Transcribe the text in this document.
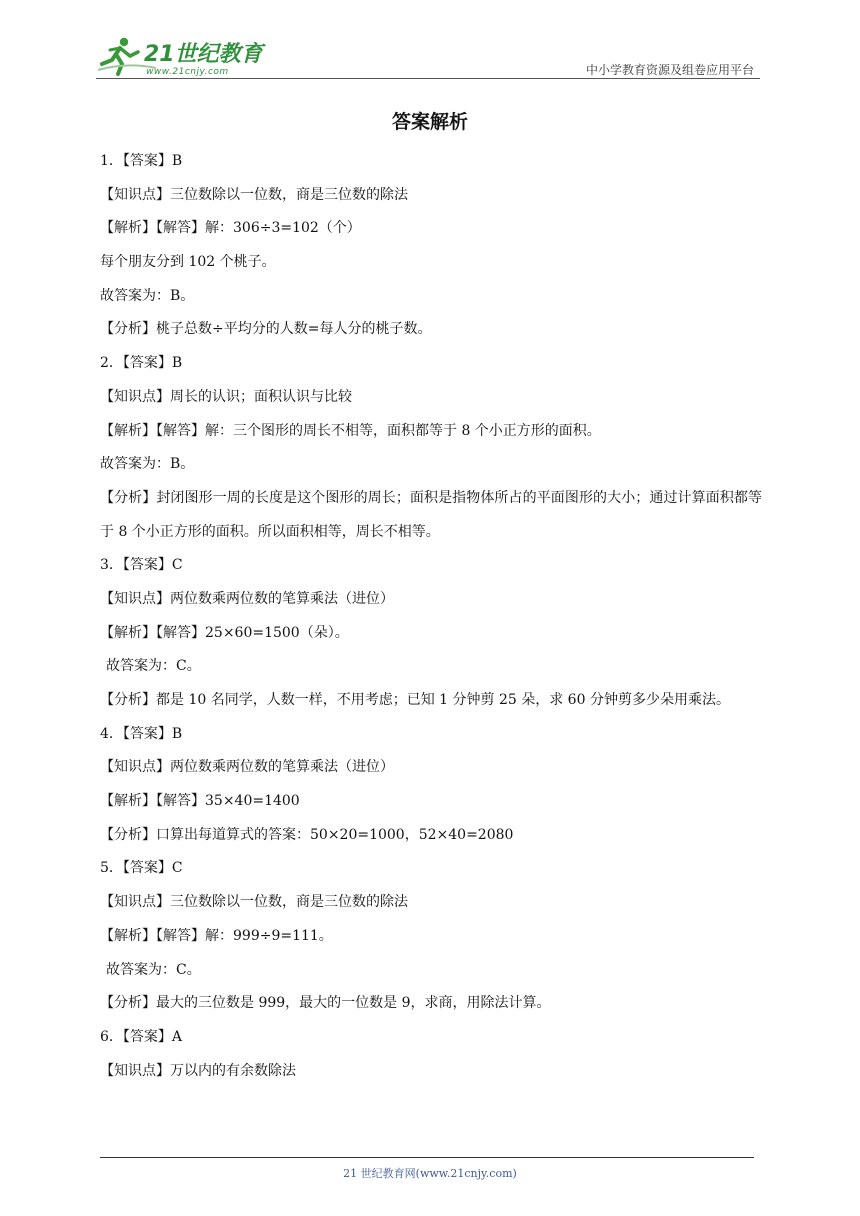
21世纪教育
www.21cnjy.com	中小学教育资源及组卷应用平台
答案解析
1．【答案】B
【知识点】三位数除以一位数，商是三位数的除法
【解析】【解答】解：306÷3=102（个）
每个朋友分到 102 个桃子。
故答案为：B。
【分析】桃子总数÷平均分的人数=每人分的桃子数。
2．【答案】B
【知识点】周长的认识；面积认识与比较
【解析】【解答】解：三个图形的周长不相等，面积都等于 8 个小正方形的面积。
故答案为：B。
【分析】封闭图形一周的长度是这个图形的周长；面积是指物体所占的平面图形的大小；通过计算面积都等于 8 个小正方形的面积。所以面积相等，周长不相等。
3．【答案】C
【知识点】两位数乘两位数的笔算乘法（进位）
【解析】【解答】25×60=1500（朵）。
故答案为：C。
【分析】都是 10 名同学，人数一样，不用考虑；已知 1 分钟剪 25 朵，求 60 分钟剪多少朵用乘法。
4．【答案】B
【知识点】两位数乘两位数的笔算乘法（进位）
【解析】【解答】35×40=1400
【分析】口算出每道算式的答案：50×20=1000，52×40=2080
5．【答案】C
【知识点】三位数除以一位数，商是三位数的除法
【解析】【解答】解：999÷9=111。
故答案为：C。
【分析】最大的三位数是 999，最大的一位数是 9，求商，用除法计算。
6．【答案】A
【知识点】万以内的有余数除法
21 世纪教育网(www.21cnjy.com)
